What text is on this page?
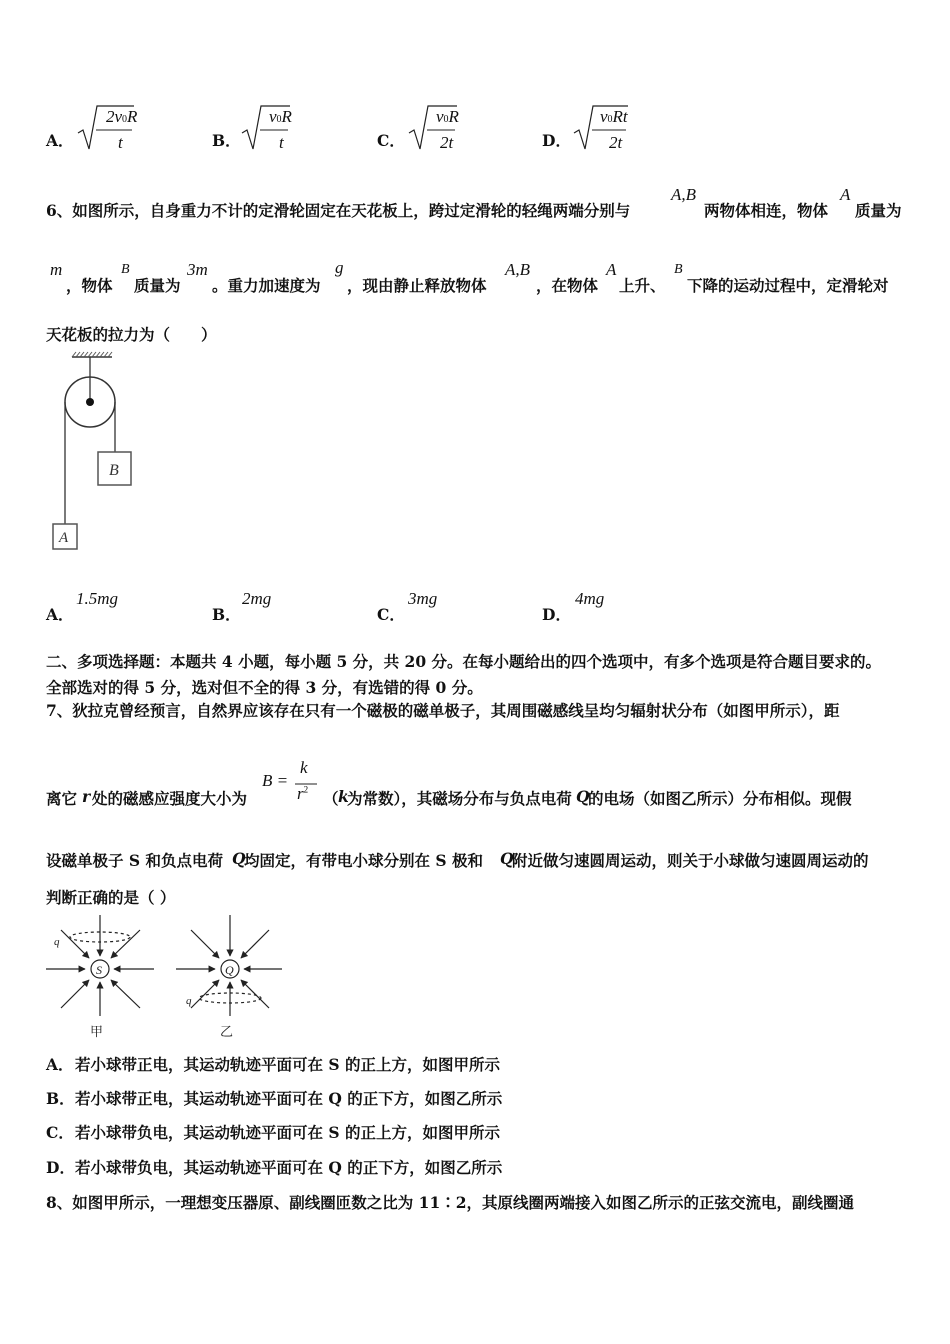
A．
2v0R
t	B．
v0R
t	C．
v0R
2t	D．
v0Rt
2t
6、如图所示，自身重力不计的定滑轮固定在天花板上，跨过定滑轮的轻绳两端分别与
A,B
两物体相连，物体
A
质量为
m
，物体
B
质量为
3m
。重力加速度为
g
，现由静止释放物体
A,B
，在物体
A
上升、
B
下降的运动过程中，定滑轮对
天花板的拉力为（　　）
B
A
A．
1.5mg
B．
2mg
C．
3mg
D．
4mg
二、多项选择题：本题共 4 小题，每小题 5 分，共 20 分。在每小题给出的四个选项中，有多个选项是符合题目要求的。
全部选对的得 5 分，选对但不全的得 3 分，有选错的得 0 分。
7、狄拉克曾经预言，自然界应该存在只有一个磁极的磁单极子，其周围磁感线呈均匀辐射状分布（如图甲所示），距
离它 r 处的磁感应强度大小为
B =
k
$r^2$ （ k
为常数），其磁场分布与负点电荷 Q
的电场（如图乙所示）分布相似。现假
设磁单极子 S 和负点电荷 Q
均固定，有带电小球分别在 S 极和 Q
附近做匀速圆周运动，则关于小球做匀速圆周运动的
判断正确的是（ ）
S
q
甲
Q
q
乙
A． 若小球带正电，其运动轨迹平面可在 S 的正上方，如图甲所示
B． 若小球带正电，其运动轨迹平面可在 Q 的正下方，如图乙所示
C． 若小球带负电，其运动轨迹平面可在 S 的正上方，如图甲所示
D． 若小球带负电，其运动轨迹平面可在 Q 的正下方，如图乙所示
8、如图甲所示，一理想变压器原、副线圈匝数之比为 11∶2，其原线圈两端接入如图乙所示的正弦交流电，副线圈通
